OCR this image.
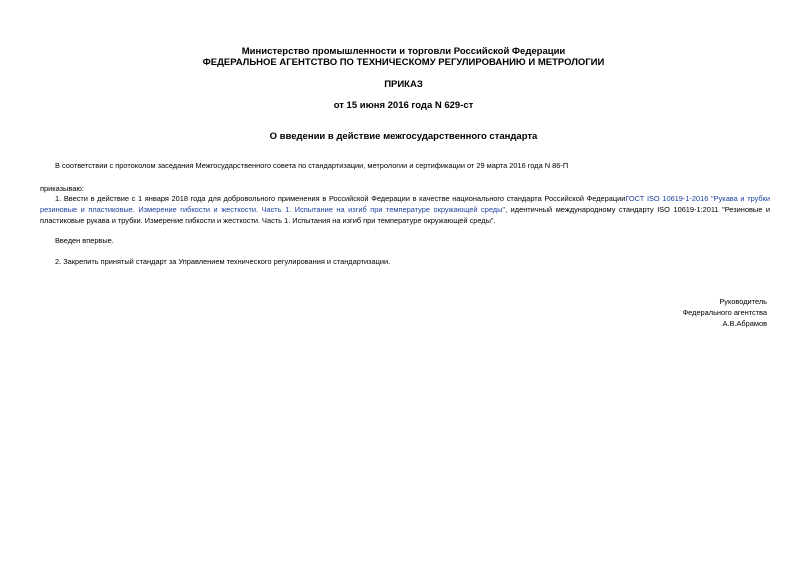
Министерство промышленности и торговли Российской Федерации
ФЕДЕРАЛЬНОЕ АГЕНТСТВО ПО ТЕХНИЧЕСКОМУ РЕГУЛИРОВАНИЮ И МЕТРОЛОГИИ
ПРИКАЗ
от 15 июня 2016 года N 629-ст
О введении в действие межгосударственного стандарта
В соответствии с протоколом заседания Межгосударственного совета по стандартизации, метрологии и сертификации от 29 марта 2016 года N 86-П
приказываю:
1. Ввести в действие с 1 января 2018 года для добровольного применения в Российской Федерации в качестве национального стандарта Российской ФедерацииГОСТ ISO 10619-1-2016 "Рукава и трубки резиновые и пластиковые. Измерение гибкости и жесткости. Часть 1. Испытание на изгиб при температуре окружающей среды", идентичный международному стандарту ISO 10619-1:2011 "Резиновые и пластиковые рукава и трубки. Измерение гибкости и жесткости. Часть 1. Испытания на изгиб при температуре окружающей среды".
Введен впервые.
2. Закрепить принятый стандарт за Управлением технического регулирования и стандартизации.
Руководитель
Федерального агентства
А.В.Абрамов
